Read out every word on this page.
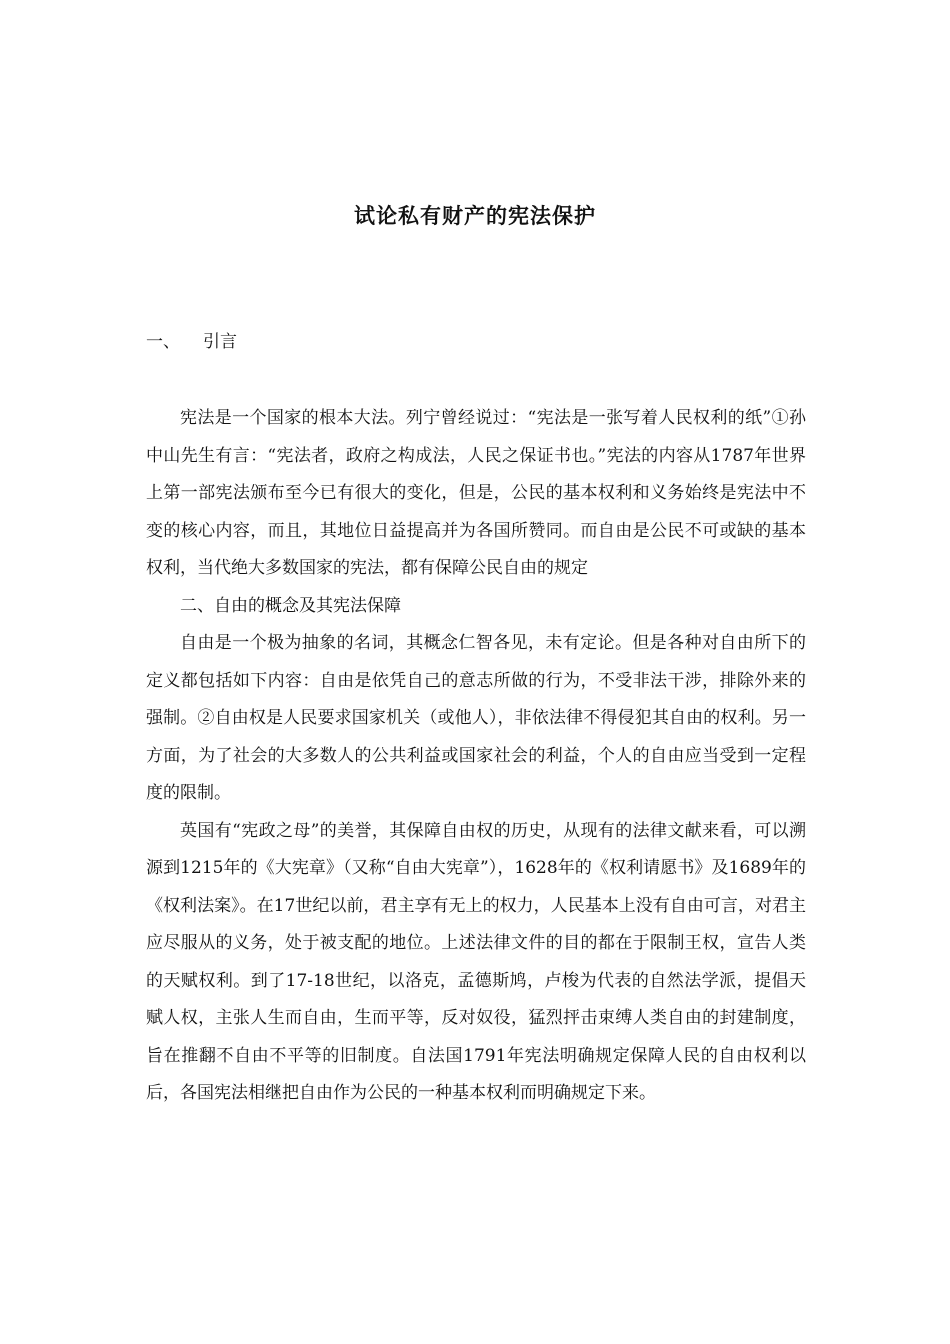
试论私有财产的宪法保护
一、 引言

宪法是一个国家的根本大法。列宁曾经说过：“宪法是一张写着人民权利的纸”①孙中山先生有言：“宪法者，政府之构成法，人民之保证书也。”宪法的内容从1787年世界上第一部宪法颁布至今已有很大的变化，但是，公民的基本权利和义务始终是宪法中不变的核心内容，而且，其地位日益提高并为各国所赞同。而自由是公民不可或缺的基本权利，当代绝大多数国家的宪法，都有保障公民自由的规定

二、自由的概念及其宪法保障

自由是一个极为抽象的名词，其概念仁智各见，未有定论。但是各种对自由所下的定义都包括如下内容：自由是依凭自己的意志所做的行为，不受非法干涉，排除外来的强制。②自由权是人民要求国家机关（或他人），非依法律不得侵犯其自由的权利。另一方面，为了社会的大多数人的公共利益或国家社会的利益，个人的自由应当受到一定程度的限制。

英国有“宪政之母”的美誉，其保障自由权的历史，从现有的法律文献来看，可以溯源到1215年的《大宪章》（又称“自由大宪章”），1628年的《权利请愿书》及1689年的《权利法案》。在17世纪以前，君主享有无上的权力，人民基本上没有自由可言，对君主应尽服从的义务，处于被支配的地位。上述法律文件的目的都在于限制王权，宣告人类的天赋权利。到了17-18世纪，以洛克，孟德斯鸠，卢梭为代表的自然法学派，提倡天赋人权，主张人生而自由，生而平等，反对奴役，猛烈抨击束缚人类自由的封建制度，旨在推翻不自由不平等的旧制度。自法国1791年宪法明确规定保障人民的自由权利以后，各国宪法相继把自由作为公民的一种基本权利而明确规定下来。
